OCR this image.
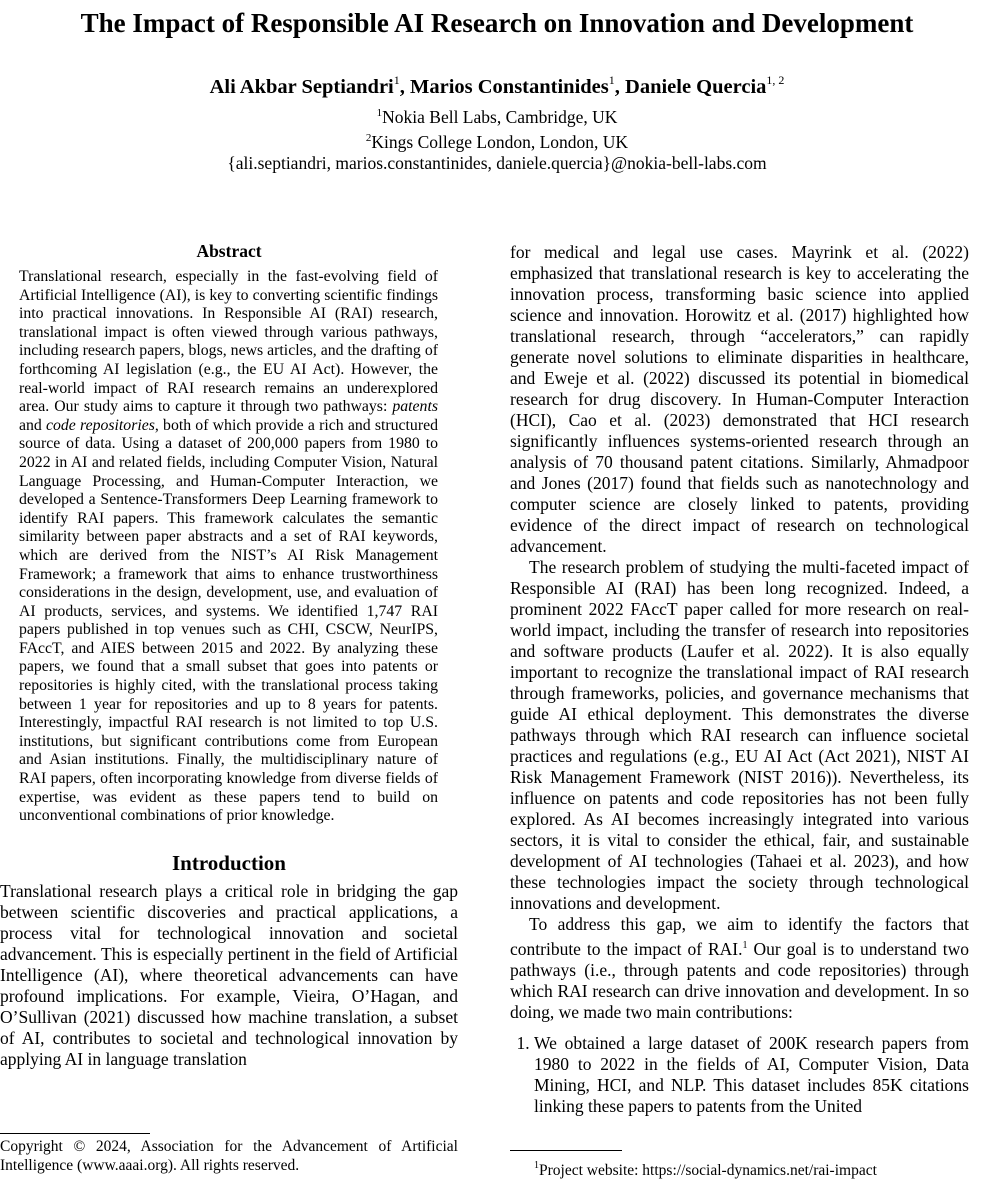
The Impact of Responsible AI Research on Innovation and Development
Ali Akbar Septiandri$^1$, Marios Constantinides$^1$, Daniele Quercia$^{1, 2}$
$^1$Nokia Bell Labs, Cambridge, UK
$^2$Kings College London, London, UK
{ali.septiandri, marios.constantinides, daniele.quercia}@nokia-bell-labs.com
Abstract

Translational research, especially in the fast-evolving field of Artificial Intelligence (AI), is key to converting scientific findings into practical innovations. In Responsible AI (RAI) research, translational impact is often viewed through various pathways, including research papers, blogs, news articles, and the drafting of forthcoming AI legislation (e.g., the EU AI Act). However, the real-world impact of RAI research remains an underexplored area. Our study aims to capture it through two pathways: patents and code repositories, both of which provide a rich and structured source of data. Using a dataset of 200,000 papers from 1980 to 2022 in AI and related fields, including Computer Vision, Natural Language Processing, and Human-Computer Interaction, we developed a Sentence-Transformers Deep Learning framework to identify RAI papers. This framework calculates the semantic similarity between paper abstracts and a set of RAI keywords, which are derived from the NIST’s AI Risk Management Framework; a framework that aims to enhance trustworthiness considerations in the design, development, use, and evaluation of AI products, services, and systems. We identified 1,747 RAI papers published in top venues such as CHI, CSCW, NeurIPS, FAccT, and AIES between 2015 and 2022. By analyzing these papers, we found that a small subset that goes into patents or repositories is highly cited, with the translational process taking between 1 year for repositories and up to 8 years for patents. Interestingly, impactful RAI research is not limited to top U.S. institutions, but significant contributions come from European and Asian institutions. Finally, the multidisciplinary nature of RAI papers, often incorporating knowledge from diverse fields of expertise, was evident as these papers tend to build on unconventional combinations of prior knowledge.

Introduction

Translational research plays a critical role in bridging the gap between scientific discoveries and practical applications, a process vital for technological innovation and societal advancement. This is especially pertinent in the field of Artificial Intelligence (AI), where theoretical advancements can have profound implications. For example, Vieira, O’Hagan, and O’Sullivan (2021) discussed how machine translation, a subset of AI, contributes to societal and technological innovation by applying AI in language translation

for medical and legal use cases. Mayrink et al. (2022) emphasized that translational research is key to accelerating the innovation process, transforming basic science into applied science and innovation. Horowitz et al. (2017) highlighted how translational research, through “accelerators,” can rapidly generate novel solutions to eliminate disparities in healthcare, and Eweje et al. (2022) discussed its potential in biomedical research for drug discovery. In Human-Computer Interaction (HCI), Cao et al. (2023) demonstrated that HCI research significantly influences systems-oriented research through an analysis of 70 thousand patent citations. Similarly, Ahmadpoor and Jones (2017) found that fields such as nanotechnology and computer science are closely linked to patents, providing evidence of the direct impact of research on technological advancement.

The research problem of studying the multi-faceted impact of Responsible AI (RAI) has been long recognized. Indeed, a prominent 2022 FAccT paper called for more research on real-world impact, including the transfer of research into repositories and software products (Laufer et al. 2022). It is also equally important to recognize the translational impact of RAI research through frameworks, policies, and governance mechanisms that guide AI ethical deployment. This demonstrates the diverse pathways through which RAI research can influence societal practices and regulations (e.g., EU AI Act (Act 2021), NIST AI Risk Management Framework (NIST 2016)). Nevertheless, its influence on patents and code repositories has not been fully explored. As AI becomes increasingly integrated into various sectors, it is vital to consider the ethical, fair, and sustainable development of AI technologies (Tahaei et al. 2023), and how these technologies impact the society through technological innovations and development.

To address this gap, we aim to identify the factors that contribute to the impact of RAI.$^1$ Our goal is to understand two pathways (i.e., through patents and code repositories) through which RAI research can drive innovation and development. In so doing, we made two main contributions:

1. We obtained a large dataset of 200K research papers from 1980 to 2022 in the fields of AI, Computer Vision, Data Mining, HCI, and NLP. This dataset includes 85K citations linking these papers to patents from the United
Copyright © 2024, Association for the Advancement of Artificial Intelligence (www.aaai.org). All rights reserved.	$^1$Project website: https://social-dynamics.net/rai-impact
